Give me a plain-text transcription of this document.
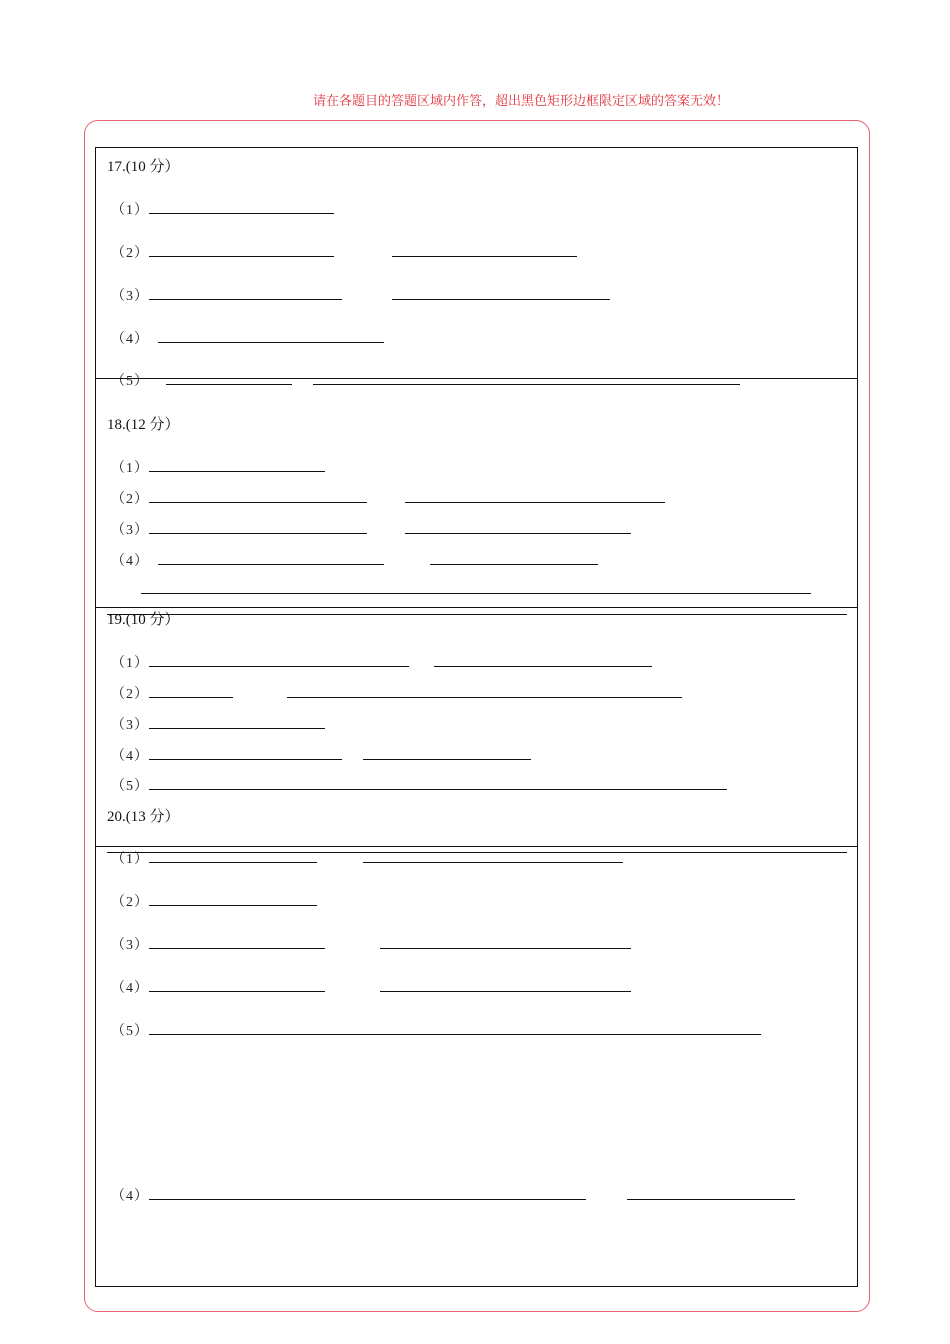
请在各题目的答题区域内作答，超出黑色矩形边框限定区域的答案无效！
17.(10 分）
（1）
（2）
（3）
（4）
（5）
18.(12 分）
（1）
（2）
（3）
（4）
19.(10 分）
（1）
（2）
（3）
（4）
（5）
20.(13 分）
（1）
（2）
（3）
（4）
（5）
（4）
